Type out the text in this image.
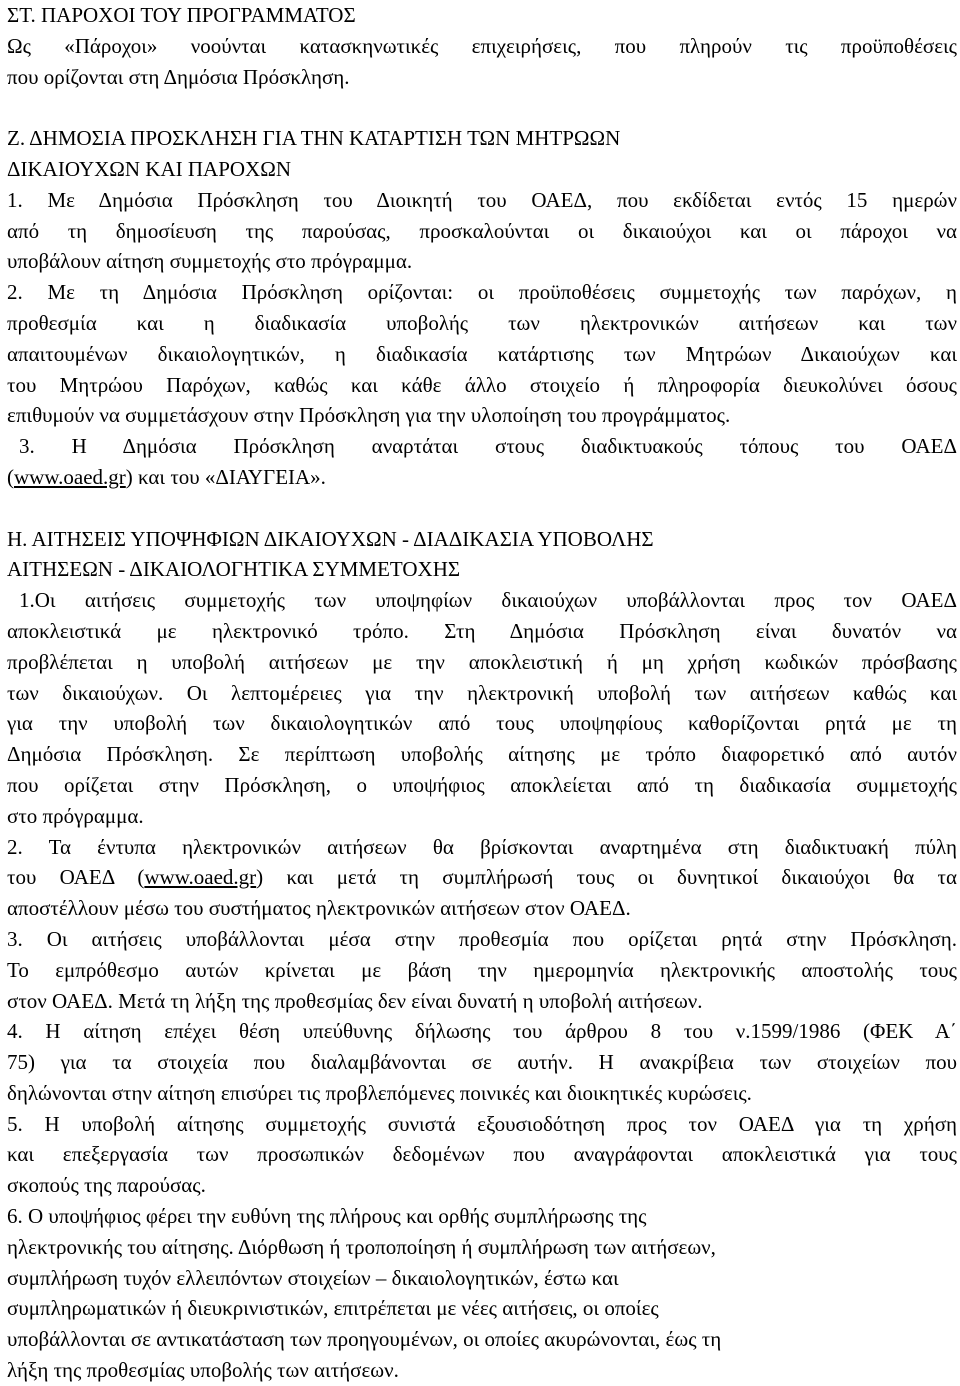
ΣΤ. ΠΑΡΟΧΟΙ ΤΟΥ ΠΡΟΓΡΑΜΜΑΤΟΣ
Ως «Πάροχοι» νοούνται κατασκηνωτικές επιχειρήσεις, που πληρούν τις προϋποθέσεις
που ορίζονται στη Δημόσια Πρόσκληση.
Ζ. ΔΗΜΟΣΙΑ ΠΡΟΣΚΛΗΣΗ ΓΙΑ ΤΗΝ ΚΑΤΑΡΤΙΣΗ ΤΩΝ ΜΗΤΡΩΩΝ
ΔΙΚΑΙΟΥΧΩΝ ΚΑΙ ΠΑΡΟΧΩΝ
1. Με Δημόσια Πρόσκληση του Διοικητή του ΟΑΕΔ, που εκδίδεται εντός 15 ημερών
από τη δημοσίευση της παρούσας, προσκαλούνται οι δικαιούχοι και οι πάροχοι να
υποβάλουν αίτηση συμμετοχής στο πρόγραμμα.
2. Με τη Δημόσια Πρόσκληση ορίζονται: οι προϋποθέσεις συμμετοχής των παρόχων, η
προθεσμία και η διαδικασία υποβολής των ηλεκτρονικών αιτήσεων και των
απαιτουμένων δικαιολογητικών, η διαδικασία κατάρτισης των Μητρώων Δικαιούχων και
του Μητρώου Παρόχων, καθώς και κάθε άλλο στοιχείο ή πληροφορία διευκολύνει όσους
επιθυμούν να συμμετάσχουν στην Πρόσκληση για την υλοποίηση του προγράμματος.
3. Η Δημόσια Πρόσκληση αναρτάται στους διαδικτυακούς τόπους του ΟΑΕΔ
(www.oaed.gr) και του «ΔΙΑΥΓΕΙΑ».
Η. ΑΙΤΗΣΕΙΣ ΥΠΟΨΗΦΙΩΝ ΔΙΚΑΙΟΥΧΩΝ - ΔΙΑΔΙΚΑΣΙΑ ΥΠΟΒΟΛΗΣ
ΑΙΤΗΣΕΩΝ - ΔΙΚΑΙΟΛΟΓΗΤΙΚΑ ΣΥΜΜΕΤΟΧΗΣ
1.Οι αιτήσεις συμμετοχής των υποψηφίων δικαιούχων υποβάλλονται προς τον ΟΑΕΔ
αποκλειστικά με ηλεκτρονικό τρόπο. Στη Δημόσια Πρόσκληση είναι δυνατόν να
προβλέπεται η υποβολή αιτήσεων με την αποκλειστική ή μη χρήση κωδικών πρόσβασης
των δικαιούχων. Οι λεπτομέρειες για την ηλεκτρονική υποβολή των αιτήσεων καθώς και
για την υποβολή των δικαιολογητικών από τους υποψηφίους καθορίζονται ρητά με τη
Δημόσια Πρόσκληση. Σε περίπτωση υποβολής αίτησης με τρόπο διαφορετικό από αυτόν
που ορίζεται στην Πρόσκληση, ο υποψήφιος αποκλείεται από τη διαδικασία συμμετοχής
στο πρόγραμμα.
2. Τα έντυπα ηλεκτρονικών αιτήσεων θα βρίσκονται αναρτημένα στη διαδικτυακή πύλη
του ΟΑΕΔ (www.oaed.gr) και μετά τη συμπλήρωσή τους οι δυνητικοί δικαιούχοι θα τα
αποστέλλουν μέσω του συστήματος ηλεκτρονικών αιτήσεων στον ΟΑΕΔ.
3. Οι αιτήσεις υποβάλλονται μέσα στην προθεσμία που ορίζεται ρητά στην Πρόσκληση.
Το εμπρόθεσμο αυτών κρίνεται με βάση την ημερομηνία ηλεκτρονικής αποστολής τους
στον ΟΑΕΔ. Μετά τη λήξη της προθεσμίας δεν είναι δυνατή η υποβολή αιτήσεων.
4. Η αίτηση επέχει θέση υπεύθυνης δήλωσης του άρθρου 8 του ν.1599/1986 (ΦΕΚ Α΄
75) για τα στοιχεία που διαλαμβάνονται σε αυτήν. Η ανακρίβεια των στοιχείων που
δηλώνονται στην αίτηση επισύρει τις προβλεπόμενες ποινικές και διοικητικές κυρώσεις.
5. Η υποβολή αίτησης συμμετοχής συνιστά εξουσιοδότηση προς τον ΟΑΕΔ για τη χρήση
και επεξεργασία των προσωπικών δεδομένων που αναγράφονται αποκλειστικά για τους
σκοπούς της παρούσας.
6. Ο υποψήφιος φέρει την ευθύνη της πλήρους και ορθής συμπλήρωσης της
ηλεκτρονικής του αίτησης. Διόρθωση ή τροποποίηση ή συμπλήρωση των αιτήσεων,
συμπλήρωση τυχόν ελλειπόντων στοιχείων – δικαιολογητικών, έστω και
συμπληρωματικών ή διευκρινιστικών, επιτρέπεται με νέες αιτήσεις, οι οποίες
υποβάλλονται σε αντικατάσταση των προηγουμένων, οι οποίες ακυρώνονται, έως τη
λήξη της προθεσμίας υποβολής των αιτήσεων.
